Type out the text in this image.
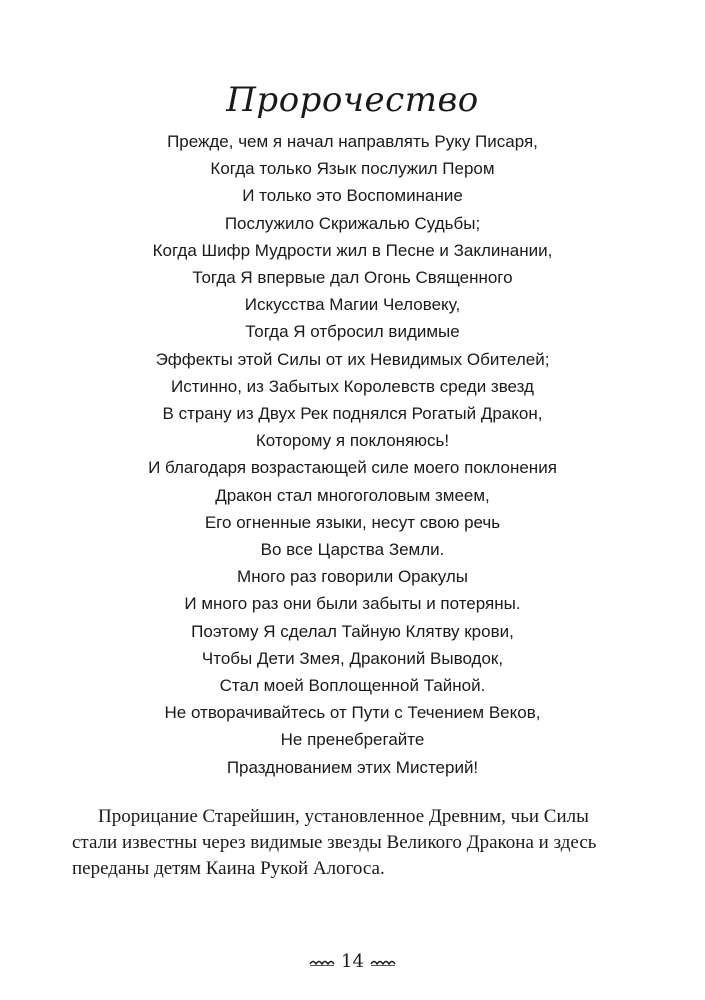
Пророчество
Прежде, чем я начал направлять Руку Писаря,
Когда только Язык послужил Пером
И только это Воспоминание
Послужило Скрижалью Судьбы;
Когда Шифр Мудрости жил в Песне и Заклинании,
Тогда Я впервые дал Огонь Священного
Искусства Магии Человеку,
Тогда Я отбросил видимые
Эффекты этой Силы от их Невидимых Обителей;
Истинно, из Забытых Королевств среди звезд
В страну из Двух Рек поднялся Рогатый Дракон,
Которому я поклоняюсь!
И благодаря возрастающей силе моего поклонения
Дракон стал многоголовым змеем,
Его огненные языки, несут свою речь
Во все Царства Земли.
Много раз говорили Оракулы
И много раз они были забыты и потеряны.
Поэтому Я сделал Тайную Клятву крови,
Чтобы Дети Змея, Драконий Выводок,
Стал моей Воплощенной Тайной.
Не отворачивайтесь от Пути с Течением Веков,
Не пренебрегайте
Празднованием этих Мистерий!

Прорицание Старейшин, установленное Древним, чьи Силы стали известны через видимые звезды Великого Дракона и здесь переданы детям Каина Рукой Алогоса.

14
